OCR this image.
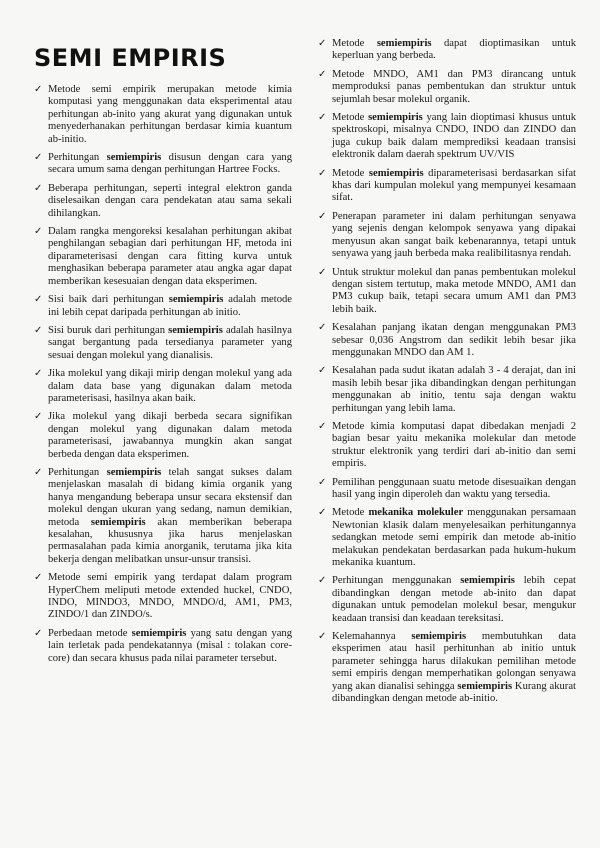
SEMI EMPIRIS
✓ Metode semi empirik merupakan metode kimia komputasi yang menggunakan data eksperimental atau perhitungan ab-inito yang akurat yang digunakan untuk menyederhanakan perhitungan berdasar kimia kuantum ab-initio.
✓ Perhitungan semiempiris disusun dengan cara yang secara umum sama dengan perhitungan Hartree Focks.
✓ Beberapa perhitungan, seperti integral elektron ganda diselesaikan dengan cara pendekatan atau sama sekali dihilangkan.
✓ Dalam rangka mengoreksi kesalahan perhitungan akibat penghilangan sebagian dari perhitungan HF, metoda ini diparameterisasi dengan cara fitting kurva untuk menghasikan beberapa parameter atau angka agar dapat memberikan kesesuaian dengan data eksperimen.
✓ Sisi baik dari perhitungan semiempiris adalah metode ini lebih cepat daripada perhitungan ab initio.
✓ Sisi buruk dari perhitungan semiempiris adalah hasilnya sangat bergantung pada tersedianya parameter yang sesuai dengan molekul yang dianalisis.
✓ Jika molekul yang dikaji mirip dengan molekul yang ada dalam data base yang digunakan dalam metoda parameterisasi, hasilnya akan baik.
✓ Jika molekul yang dikaji berbeda secara signifikan dengan molekul yang digunakan dalam metoda parameterisasi, jawabannya mungkin akan sangat berbeda dengan data eksperimen.
✓ Perhitungan semiempiris telah sangat sukses dalam menjelaskan masalah di bidang kimia organik yang hanya mengandung beberapa unsur secara ekstensif dan molekul dengan ukuran yang sedang, namun demikian, metoda semiempiris akan memberikan beberapa kesalahan, khususnya jika harus menjelaskan permasalahan pada kimia anorganik, terutama jika kita bekerja dengan melibatkan unsur-unsur transisi.
✓ Metode semi empirik yang terdapat dalam program HyperChem meliputi metode extended huckel, CNDO, INDO, MINDO3, MNDO, MNDO/d, AM1, PM3, ZINDO/1 dan ZINDO/s.
✓ Perbedaan metode semiempiris yang satu dengan yang lain terletak pada pendekatannya (misal : tolakan core-core) dan secara khusus pada nilai parameter tersebut.
✓ Metode semiempiris dapat dioptimasikan untuk keperluan yang berbeda.
✓ Metode MNDO, AM1 dan PM3 dirancang untuk memproduksi panas pembentukan dan struktur untuk sejumlah besar molekul organik.
✓ Metode semiempiris yang lain dioptimasi khusus untuk spektroskopi, misalnya CNDO, INDO dan ZINDO dan juga cukup baik dalam memprediksi keadaan transisi elektronik dalam daerah spektrum UV/VIS
✓ Metode semiempiris diparameterisasi berdasarkan sifat khas dari kumpulan molekul yang mempunyei kesamaan sifat.
✓ Penerapan parameter ini dalam perhitungan senyawa yang sejenis dengan kelompok senyawa yang dipakai menyusun akan sangat baik kebenarannya, tetapi untuk senyawa yang jauh berbeda maka realibilitasnya rendah.
✓ Untuk struktur molekul dan panas pembentukan molekul dengan sistem tertutup, maka metode MNDO, AM1 dan PM3 cukup baik, tetapi secara umum AM1 dan PM3 lebih baik.
✓ Kesalahan panjang ikatan dengan menggunakan PM3 sebesar 0,036 Angstrom dan sedikit lebih besar jika menggunakan MNDO dan AM 1.
✓ Kesalahan pada sudut ikatan adalah 3 - 4 derajat, dan ini masih lebih besar jika dibandingkan dengan perhitungan menggunakan ab initio, tentu saja dengan waktu perhitungan yang lebih lama.
✓ Metode kimia komputasi dapat dibedakan menjadi 2 bagian besar yaitu mekanika molekular dan metode struktur elektronik yang terdiri dari ab-initio dan semi empiris.
✓ Pemilihan penggunaan suatu metode disesuaikan dengan hasil yang ingin diperoleh dan waktu yang tersedia.
✓ Metode mekanika molekuler menggunakan persamaan Newtonian klasik dalam menyelesaikan perhitungannya sedangkan metode semi empirik dan metode ab-initio melakukan pendekatan berdasarkan pada hukum-hukum mekanika kuantum.
✓ Perhitungan menggunakan semiempiris lebih cepat dibandingkan dengan metode ab-inito dan dapat digunakan untuk pemodelan molekul besar, mengukur keadaan transisi dan keadaan tereksitasi.
✓ Kelemahannya semiempiris membutuhkan data eksperimen atau hasil perhitunhan ab initio untuk parameter sehingga harus dilakukan pemilihan metode semi empiris dengan memperhatikan golongan senyawa yang akan dianalisi sehingga semiempiris Kurang akurat dibandingkan dengan metode ab-initio.
